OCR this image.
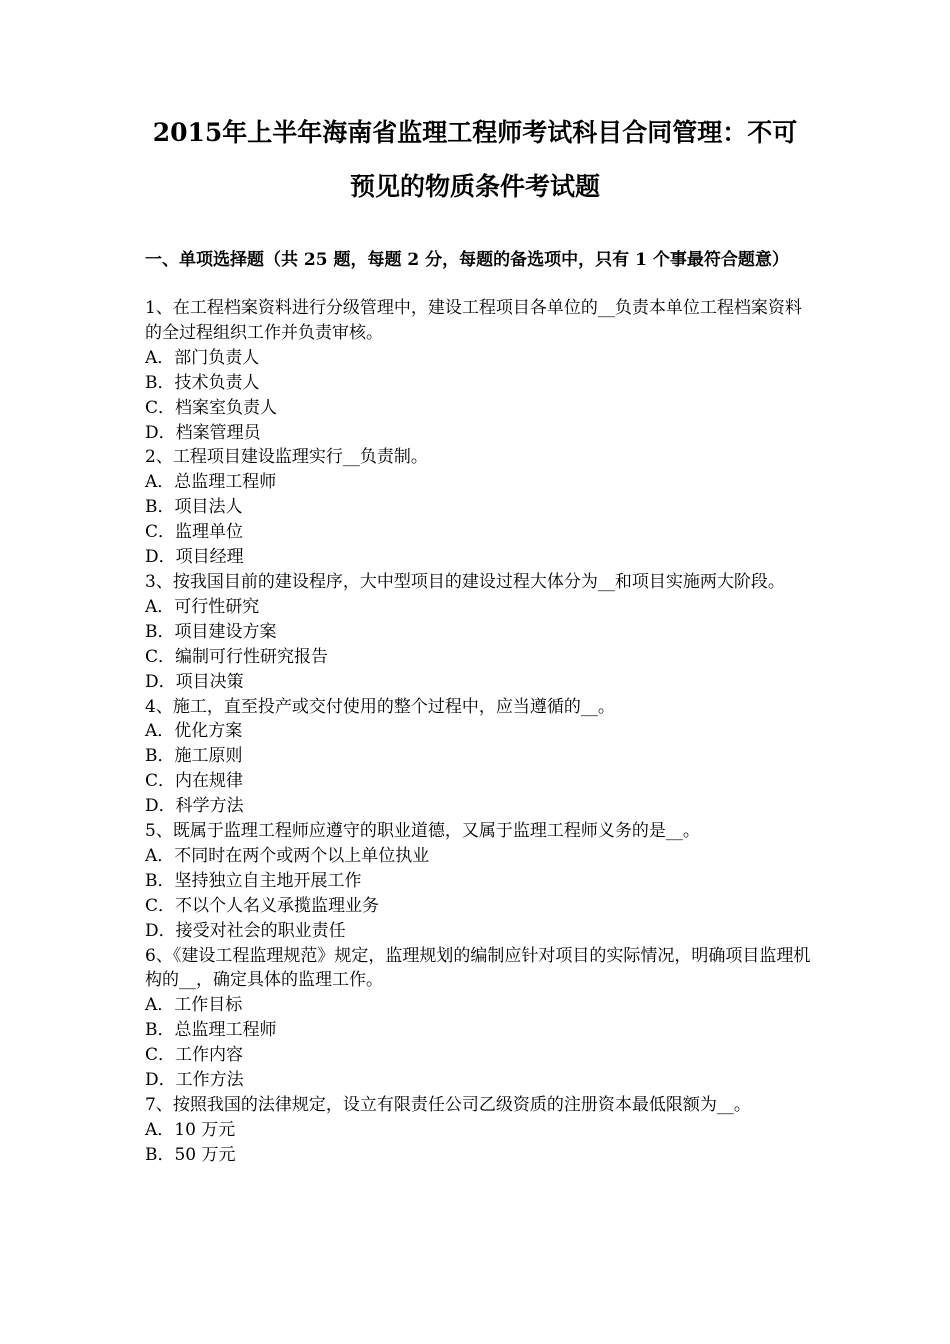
2015年上半年海南省监理工程师考试科目合同管理：不可
预见的物质条件考试题
一、单项选择题（共 25 题，每题 2 分，每题的备选项中，只有 1 个事最符合题意）
1、在工程档案资料进行分级管理中，建设工程项目各单位的__负责本单位工程档案资料的全过程组织工作并负责审核。
A．部门负责人
B．技术负责人
C．档案室负责人
D．档案管理员
2、工程项目建设监理实行__负责制。
A．总监理工程师
B．项目法人
C．监理单位
D．项目经理
3、按我国目前的建设程序，大中型项目的建设过程大体分为__和项目实施两大阶段。
A．可行性研究
B．项目建设方案
C．编制可行性研究报告
D．项目决策
4、施工，直至投产或交付使用的整个过程中，应当遵循的__。
A．优化方案
B．施工原则
C．内在规律
D．科学方法
5、既属于监理工程师应遵守的职业道德，又属于监理工程师义务的是__。
A．不同时在两个或两个以上单位执业
B．坚持独立自主地开展工作
C．不以个人名义承揽监理业务
D．接受对社会的职业责任
6、《建设工程监理规范》规定，监理规划的编制应针对项目的实际情况，明确项目监理机构的__，确定具体的监理工作。
A．工作目标
B．总监理工程师
C．工作内容
D．工作方法
7、按照我国的法律规定，设立有限责任公司乙级资质的注册资本最低限额为__。
A．10 万元
B．50 万元
